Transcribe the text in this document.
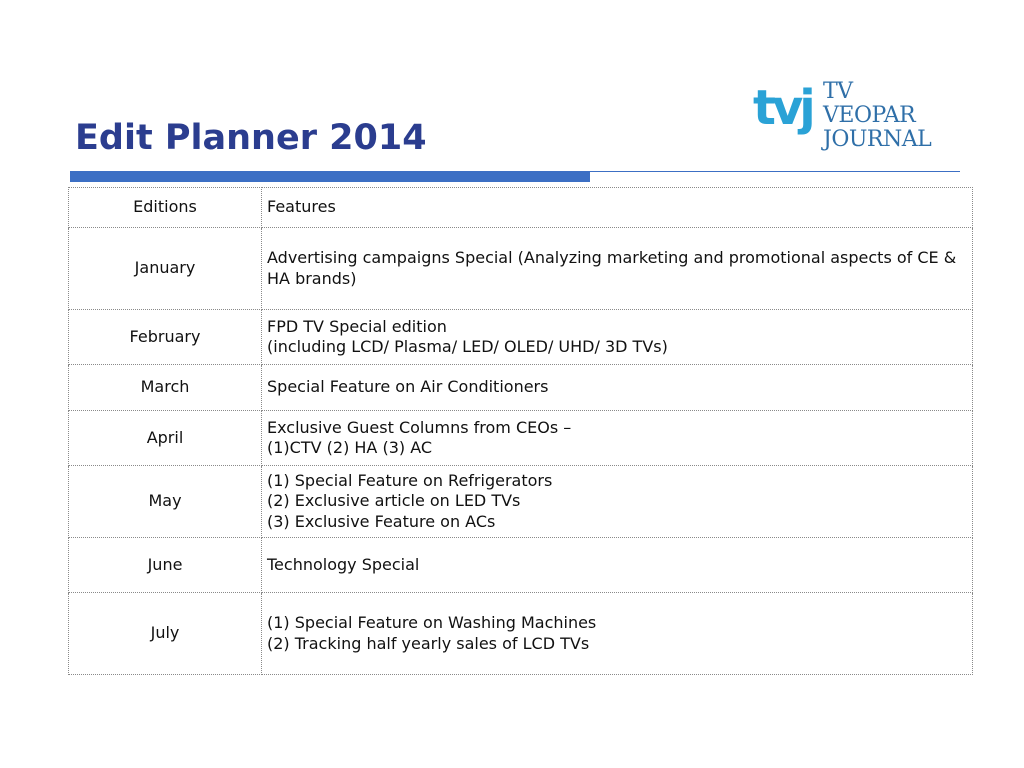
Edit Planner 2014
tvj TV
VEOPAR
JOURNAL
Editions	Features
January	Advertising campaigns Special (Analyzing marketing and promotional aspects of CE & HA brands)

February	FPD TV Special edition
(including LCD/ Plasma/ LED/ OLED/ UHD/ 3D TVs)

March	Special Feature on Air Conditioners

April	Exclusive Guest Columns from CEOs –
(1)CTV (2) HA (3) AC

May	(1) Special Feature on Refrigerators
(2) Exclusive article on LED TVs
(3) Exclusive Feature on ACs

June	Technology Special

July	(1) Special Feature on Washing Machines
(2) Tracking half yearly sales of LCD TVs
